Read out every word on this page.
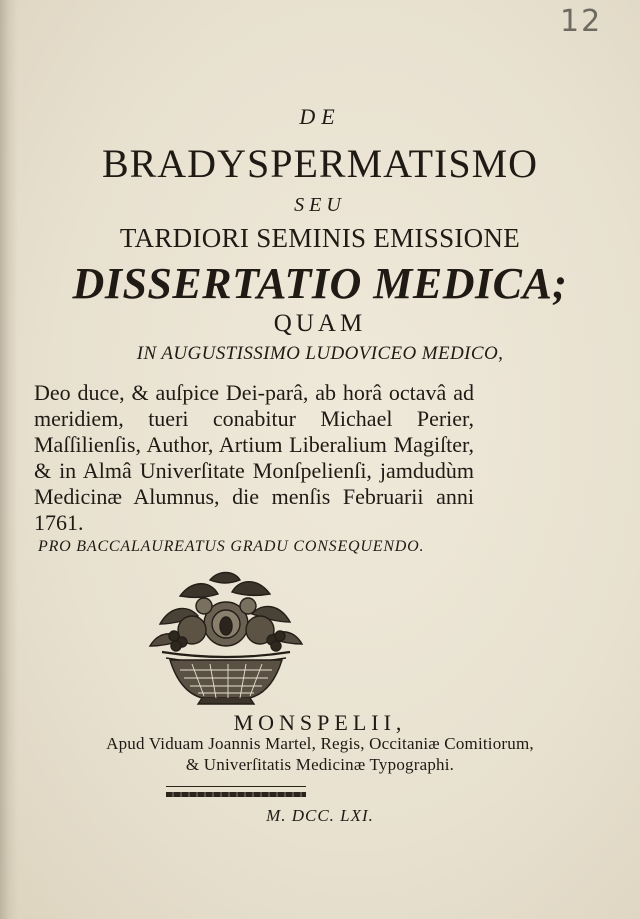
12
DE
BRADYSPERMATISMO
SEU
TARDIORI SEMINIS EMISSIONE
DISSERTATIO MEDICA;
QUAM
IN AUGUSTISSIMO LUDOVICEO MEDICO,
Deo duce, & auſpice Dei-parâ, ab horâ octavâ ad meridiem, tueri conabitur Michael Perier, Maſſilienſis, Author, Artium Liberalium Magiſter, & in Almâ Univerſitate Monſpelienſi, jamdudùm Medicinæ Alumnus, die menſis Februarii anni 1761.
PRO BACCALAUREATUS GRADU CONSEQUENDO.
MONSPELII,
Apud Viduam Joannis Martel, Regis, Occitaniæ Comitiorum,
& Univerſitatis Medicinæ Typographi.
M. DCC. LXI.
